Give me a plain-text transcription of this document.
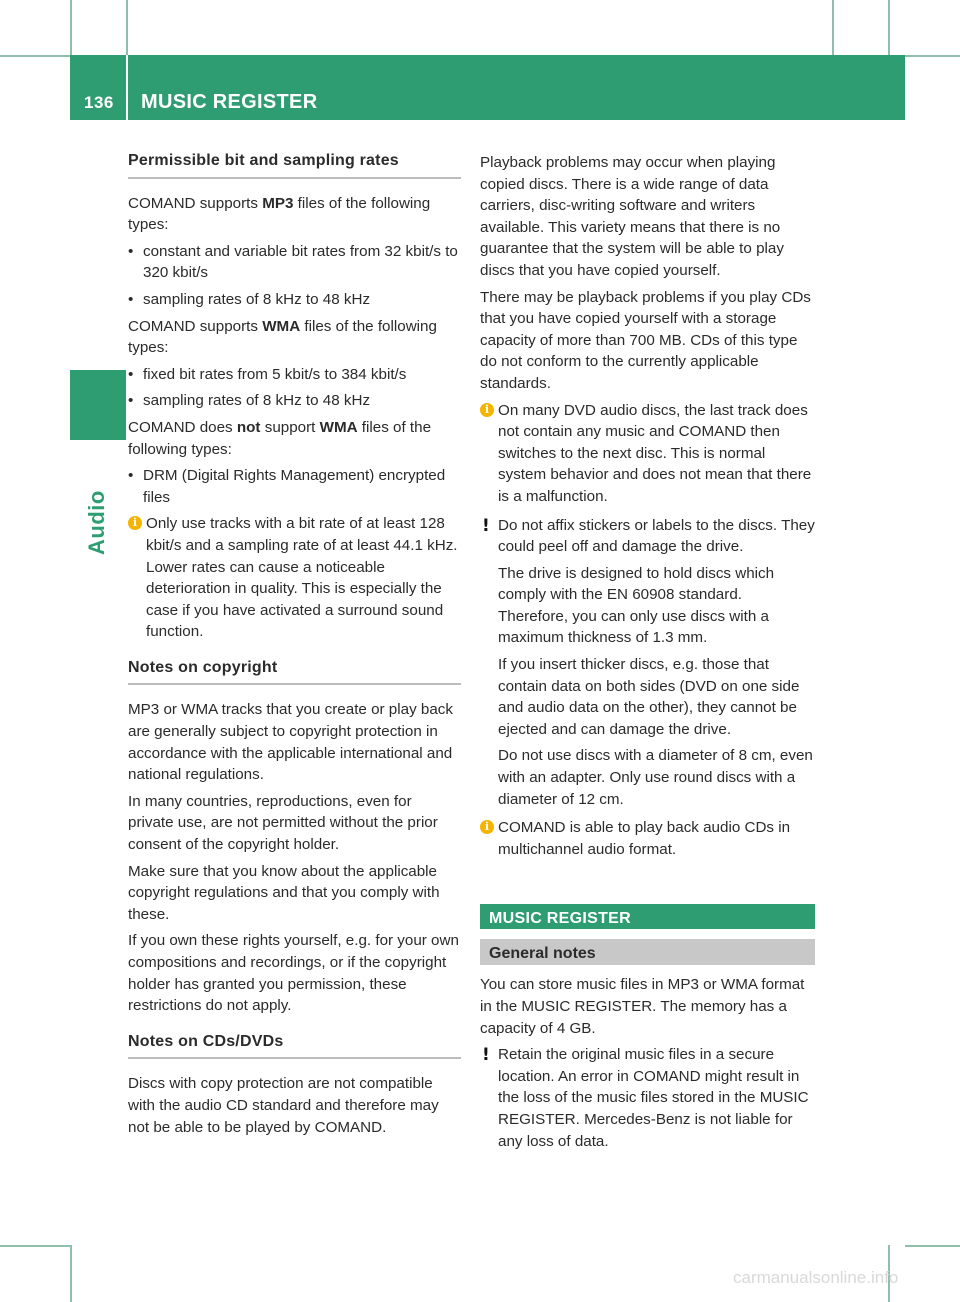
136 MUSIC REGISTER
Audio
Permissible bit and sampling rates

COMAND supports MP3 files of the following types:

• constant and variable bit rates from 32 kbit/s to 320 kbit/s
• sampling rates of 8 kHz to 48 kHz

COMAND supports WMA files of the following types:

• fixed bit rates from 5 kbit/s to 384 kbit/s
• sampling rates of 8 kHz to 48 kHz

COMAND does not support WMA files of the following types:

• DRM (Digital Rights Management) encrypted files
i Only use tracks with a bit rate of at least 128 kbit/s and a sampling rate of at least 44.1 kHz. Lower rates can cause a noticeable deterioration in quality. This is especially the case if you have activated a surround sound function.

Notes on copyright

MP3 or WMA tracks that you create or play back are generally subject to copyright protection in accordance with the applicable international and national regulations.

In many countries, reproductions, even for private use, are not permitted without the prior consent of the copyright holder.

Make sure that you know about the applicable copyright regulations and that you comply with these.

If you own these rights yourself, e.g. for your own compositions and recordings, or if the copyright holder has granted you permission, these restrictions do not apply.

Notes on CDs/DVDs

Discs with copy protection are not compatible with the audio CD standard and therefore may not be able to be played by COMAND.

Playback problems may occur when playing copied discs. There is a wide range of data carriers, disc-writing software and writers available. This variety means that there is no guarantee that the system will be able to play discs that you have copied yourself.

There may be playback problems if you play CDs that you have copied yourself with a storage capacity of more than 700 MB. CDs of this type do not conform to the currently applicable standards.

i On many DVD audio discs, the last track does not contain any music and COMAND then switches to the next disc. This is normal system behavior and does not mean that there is a malfunction.

! Do not affix stickers or labels to the discs. They could peel off and damage the drive.

The drive is designed to hold discs which comply with the EN 60908 standard. Therefore, you can only use discs with a maximum thickness of 1.3 mm.

If you insert thicker discs, e.g. those that contain data on both sides (DVD on one side and audio data on the other), they cannot be ejected and can damage the drive.

Do not use discs with a diameter of 8 cm, even with an adapter. Only use round discs with a diameter of 12 cm.

i COMAND is able to play back audio CDs in multichannel audio format.

MUSIC REGISTER
General notes

You can store music files in MP3 or WMA format in the MUSIC REGISTER. The memory has a capacity of 4 GB.

! Retain the original music files in a secure location. An error in COMAND might result in the loss of the music files stored in the MUSIC REGISTER. Mercedes-Benz is not liable for any loss of data.

carmanualsonline.info
